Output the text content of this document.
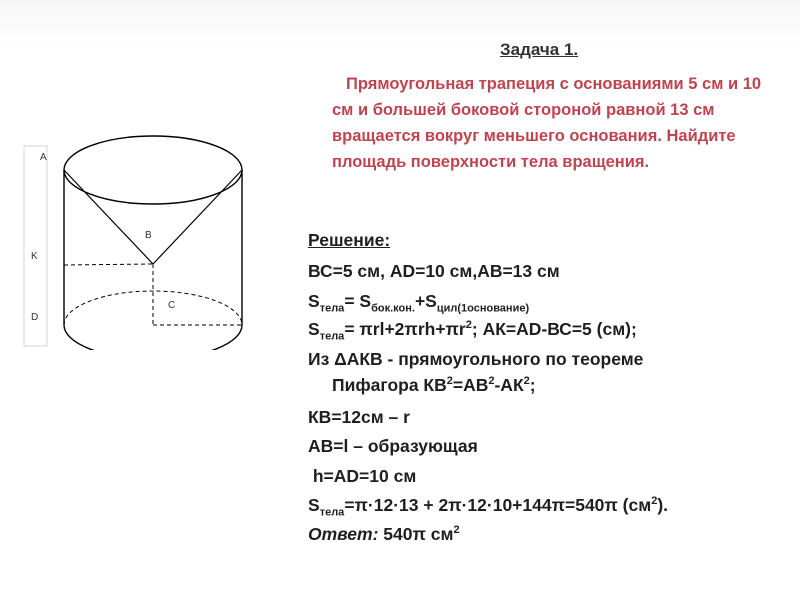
Задача 1.
Прямоугольная трапеция с основаниями 5 см и 10 см и большей боковой стороной равной 13 см вращается вокруг меньшего основания. Найдите площадь поверхности тела вращения.
A
K
D
B
C
Решение:
ВС=5 см, AD=10 см,АВ=13 см
$S_{тела}= S_{бок.кон.}+S_{цил(1основание)}$
$S_{тела}= \pi rl+2\pi rh+\pi r^2$; АК=AD-ВС=5 (см);
Из ΔАКВ - прямоугольного по теореме
Пифагора $КВ^2=АВ^2-АК^2$;
КВ=12см – r
АВ=l – образующая
h=AD=10 см
$S_{тела}=\pi\cdot 12\cdot 13 + 2\pi\cdot 12\cdot 10+144\pi=540\pi$ $(см^2)$.
Ответ: 540π $см^2$
